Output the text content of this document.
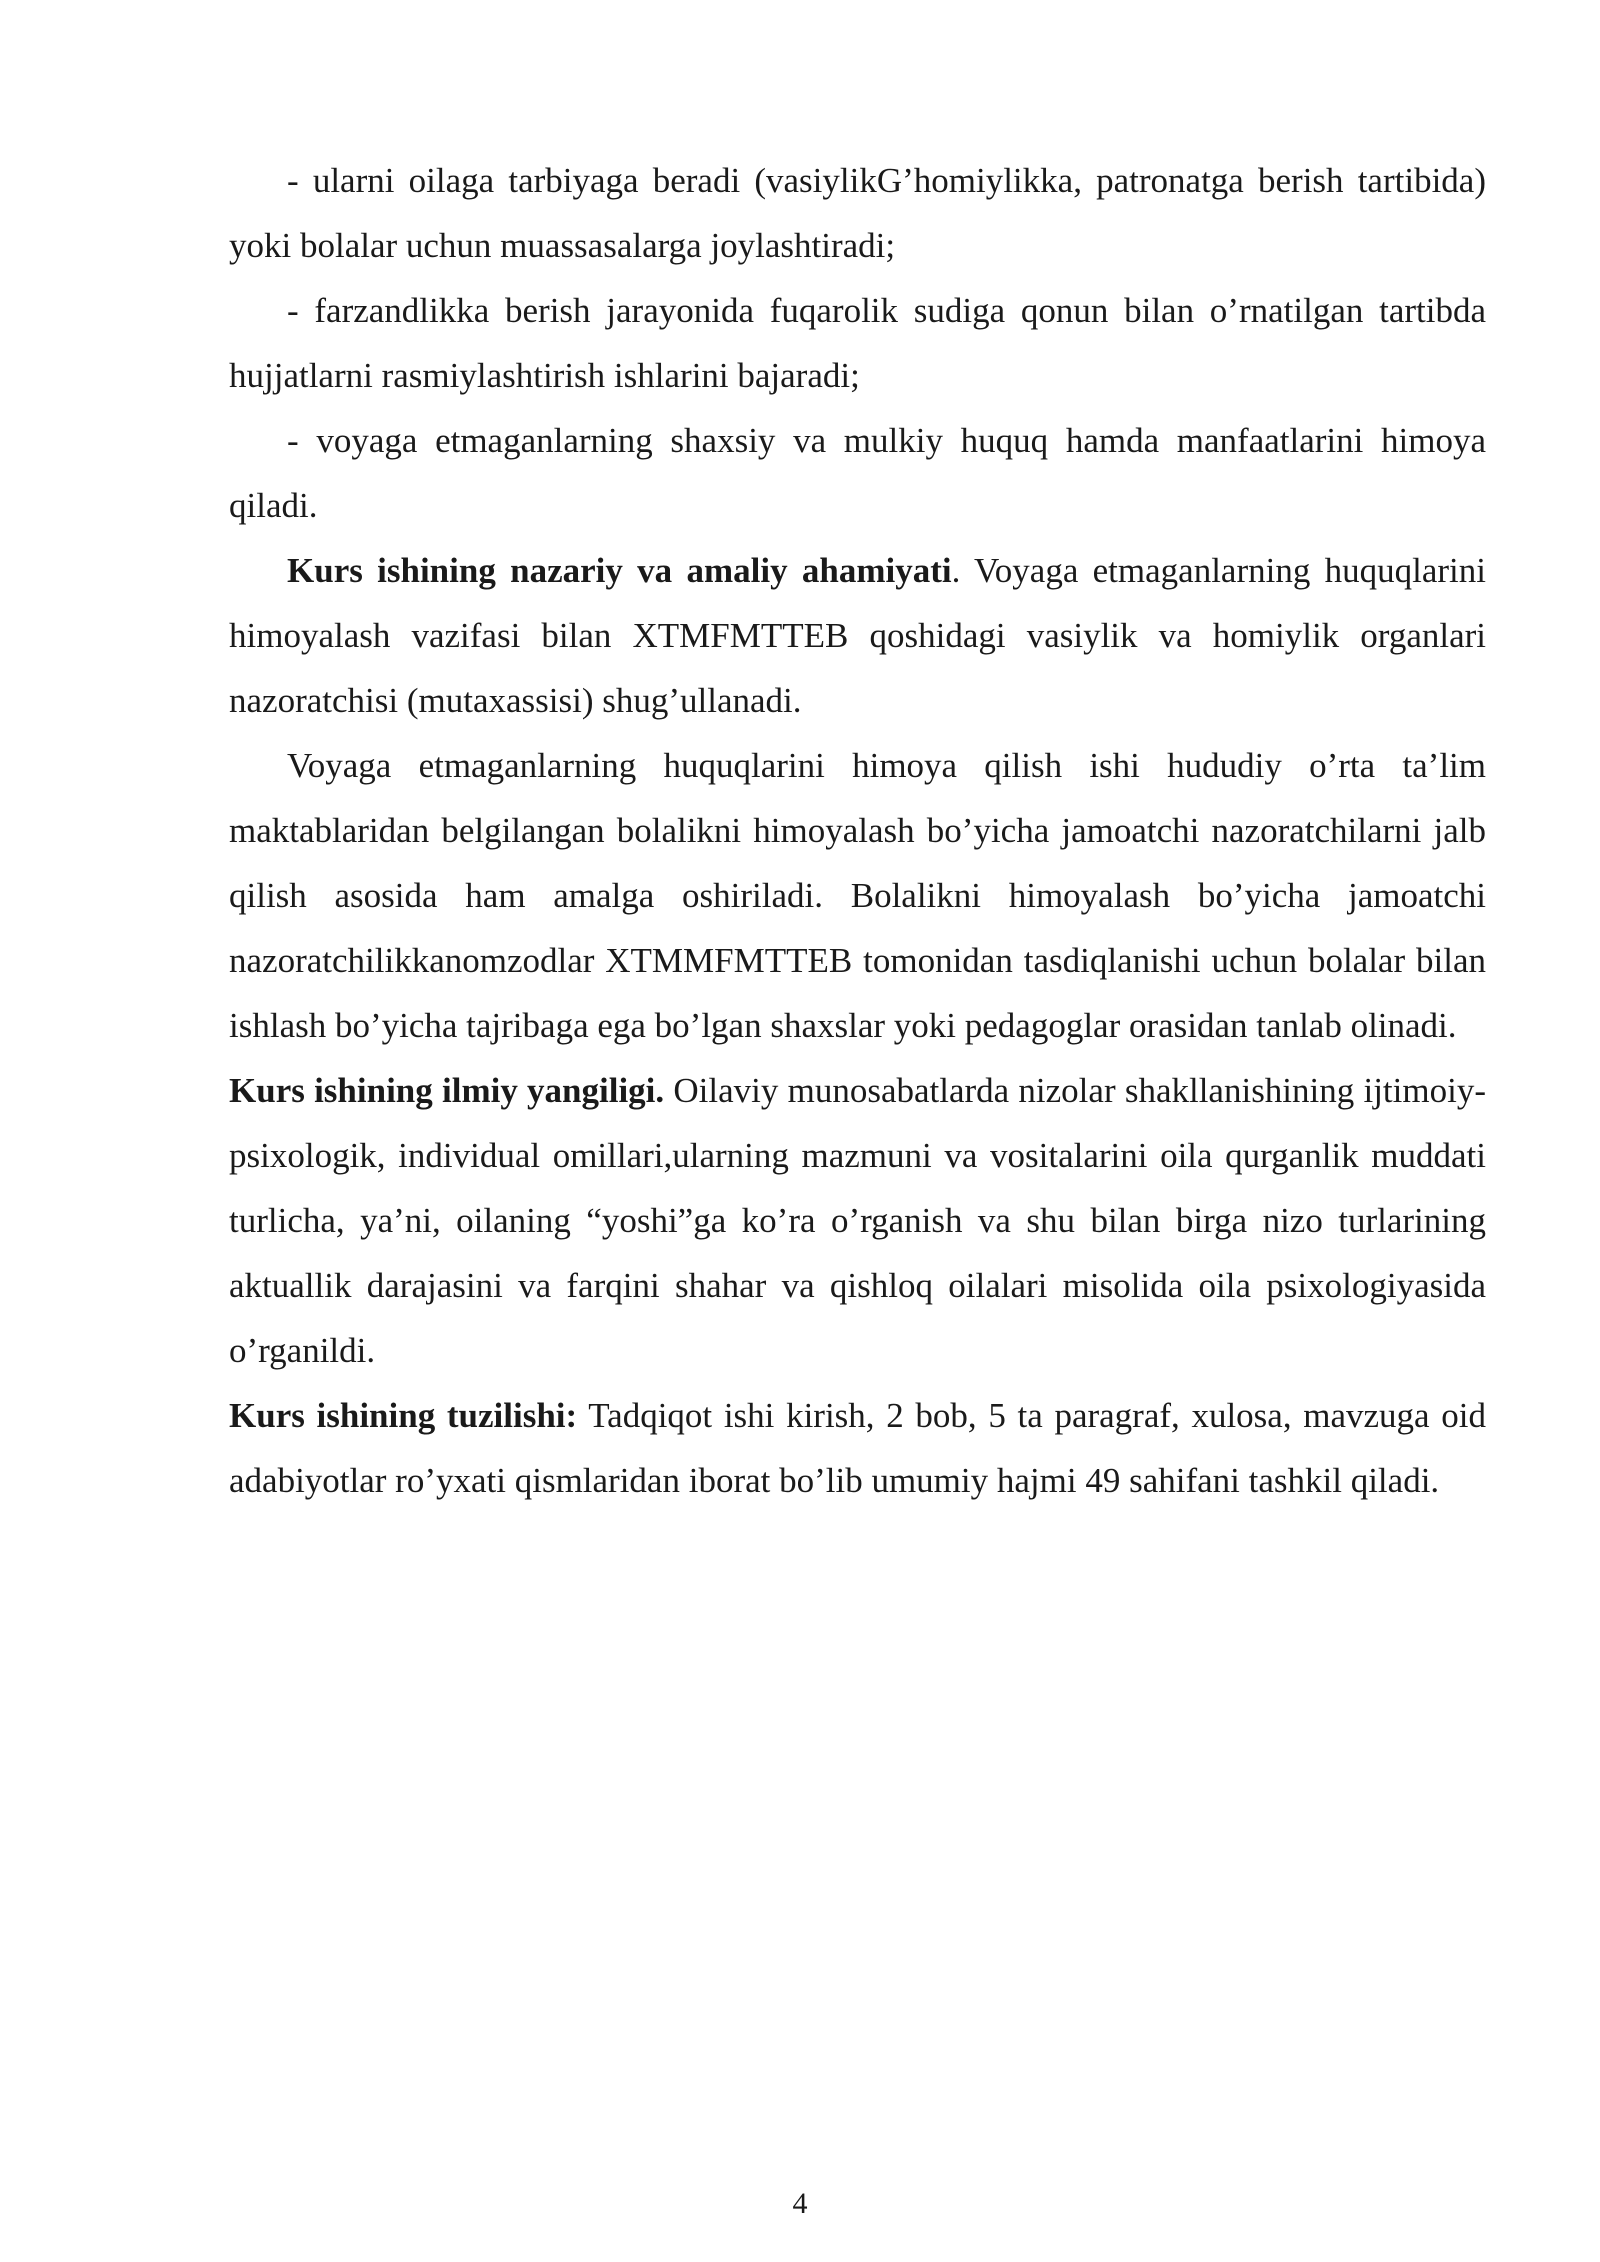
- ularni oilaga tarbiyaga beradi (vasiylikG’homiylikka, patronatga berish tartibida) yoki bolalar uchun muassasalarga joylashtiradi;

- farzandlikka berish jarayonida fuqarolik sudiga qonun bilan o’rnatilgan tartibda hujjatlarni rasmiylashtirish ishlarini bajaradi;

- voyaga etmaganlarning shaxsiy va mulkiy huquq hamda manfaatlarini himoya qiladi.

Kurs ishining nazariy va amaliy ahamiyati. Voyaga etmaganlarning huquqlarini himoyalash vazifasi bilan XTMFMTTEB qoshidagi vasiylik va homiylik organlari nazoratchisi (mutaxassisi) shug’ullanadi.

Voyaga etmaganlarning huquqlarini himoya qilish ishi hududiy o’rta ta’lim maktablaridan belgilangan bolalikni himoyalash bo’yicha jamoatchi nazoratchilarni jalb qilish asosida ham amalga oshiriladi. Bolalikni himoyalash bo’yicha jamoatchi nazoratchilikkanomzodlar XTMMFMTTEB tomonidan tasdiqlanishi uchun bolalar bilan ishlash bo’yicha tajribaga ega bo’lgan shaxslar yoki pedagoglar orasidan tanlab olinadi.

Kurs ishining ilmiy yangiligi. Oilaviy munosabatlarda nizolar shakllanishining ijtimoiy-psixologik, individual omillari,ularning mazmuni va vositalarini oila qurganlik muddati turlicha, ya’ni, oilaning “yoshi”ga ko’ra o’rganish va shu bilan birga nizo turlarining aktuallik darajasini va farqini shahar va qishloq oilalari misolida oila psixologiyasida o’rganildi.

Kurs ishining tuzilishi: Tadqiqot ishi kirish, 2 bob, 5 ta paragraf, xulosa, mavzuga oid adabiyotlar ro’yxati qismlaridan iborat bo’lib umumiy hajmi 49 sahifani tashkil qiladi.

4
